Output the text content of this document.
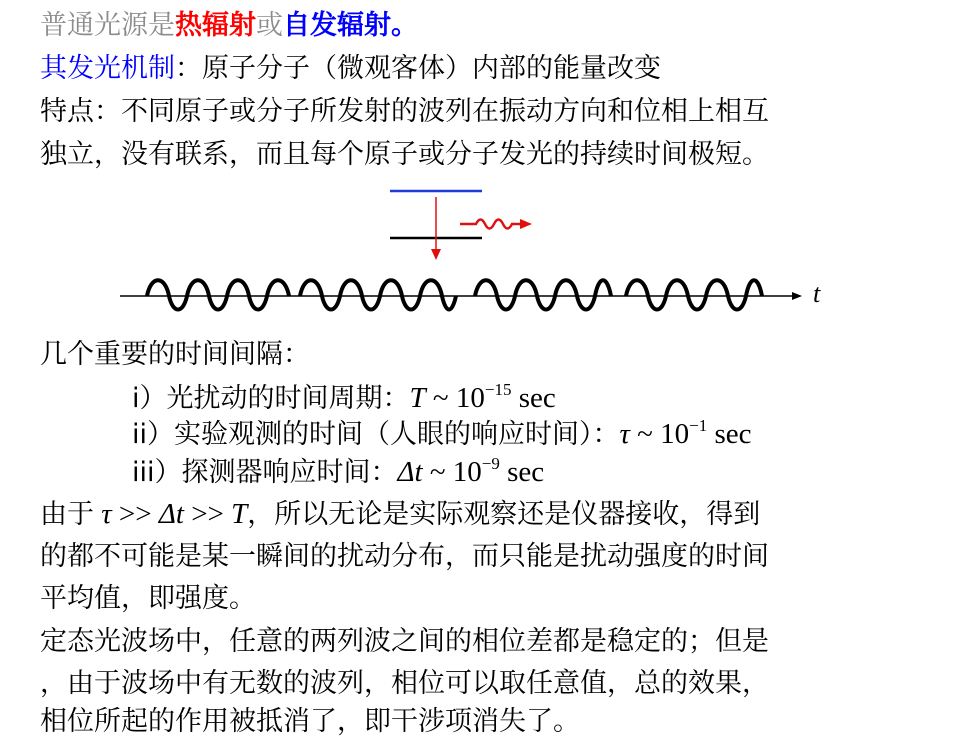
普通光源是热辐射或自发辐射。
其发光机制：原子分子（微观客体）内部的能量改变
特点：不同原子或分子所发射的波列在振动方向和位相上相互
独立，没有联系，而且每个原子或分子发光的持续时间极短。
t
几个重要的时间间隔：
i）光扰动的时间周期：T ~ $10^{-15}$ sec
ii）实验观测的时间（人眼的响应时间）：τ ~ $10^{-1}$ sec
iii）探测器响应时间：Δt ~ $10^{-9}$ sec
由于 τ >> Δt >> T，所以无论是实际观察还是仪器接收，得到
的都不可能是某一瞬间的扰动分布，而只能是扰动强度的时间
平均值，即强度。
定态光波场中，任意的两列波之间的相位差都是稳定的；但是
，由于波场中有无数的波列，相位可以取任意值，总的效果，
相位所起的作用被抵消了，即干涉项消失了。
